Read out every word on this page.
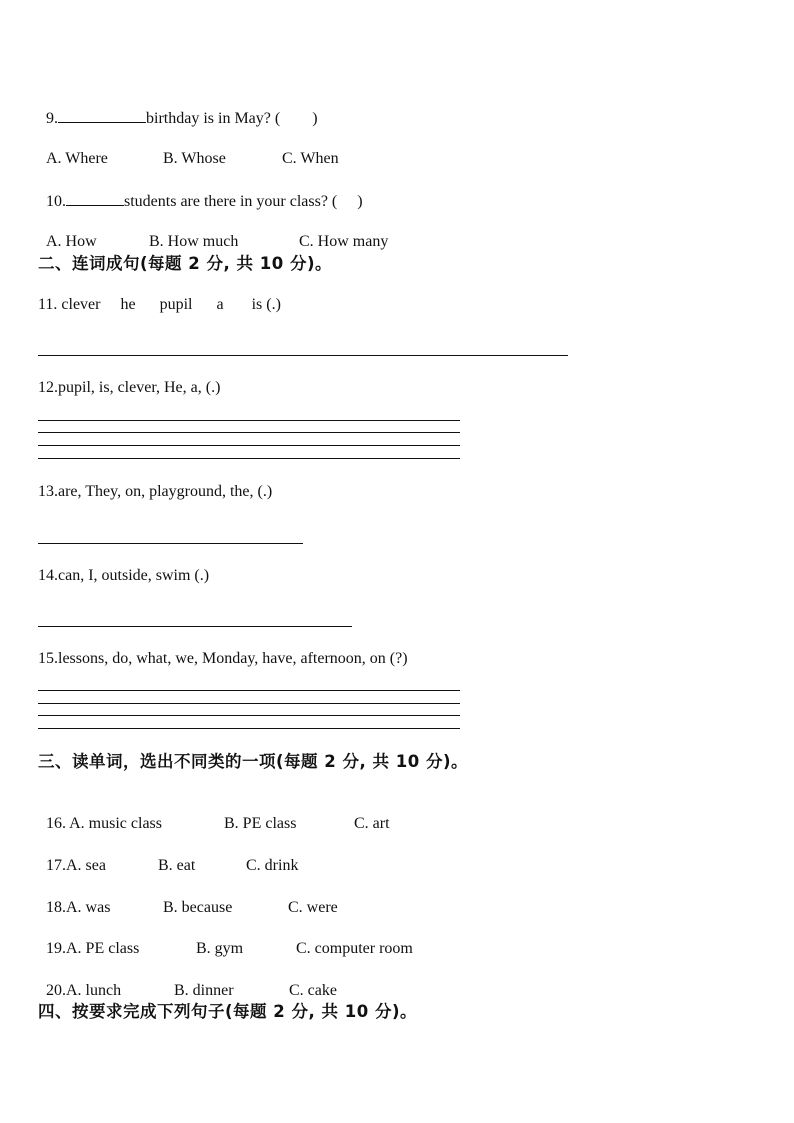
9.	birthday is in May? (        )

A. Where	B. Whose	C. When

10.	students are there in your class? (     )

A. How	B. How much	C. How many

二、连词成句(每题 2 分, 共 10 分)。
11. clever     he      pupil      a       is (.)
12.pupil, is, clever, He, a, (.)
13.are, They, on, playground, the, (.)
14.can, I, outside, swim (.)
15.lessons, do, what, we, Monday, have, afternoon, on (?)
三、读单词，选出不同类的一项(每题 2 分, 共 10 分)。

16. A. music class	B. PE class	C. art

17.A. sea	B. eat	C. drink

18.A. was	B. because	C. were

19.A. PE class	B. gym	C. computer room

20.A. lunch	B. dinner	C. cake

四、按要求完成下列句子(每题 2 分, 共 10 分)。
